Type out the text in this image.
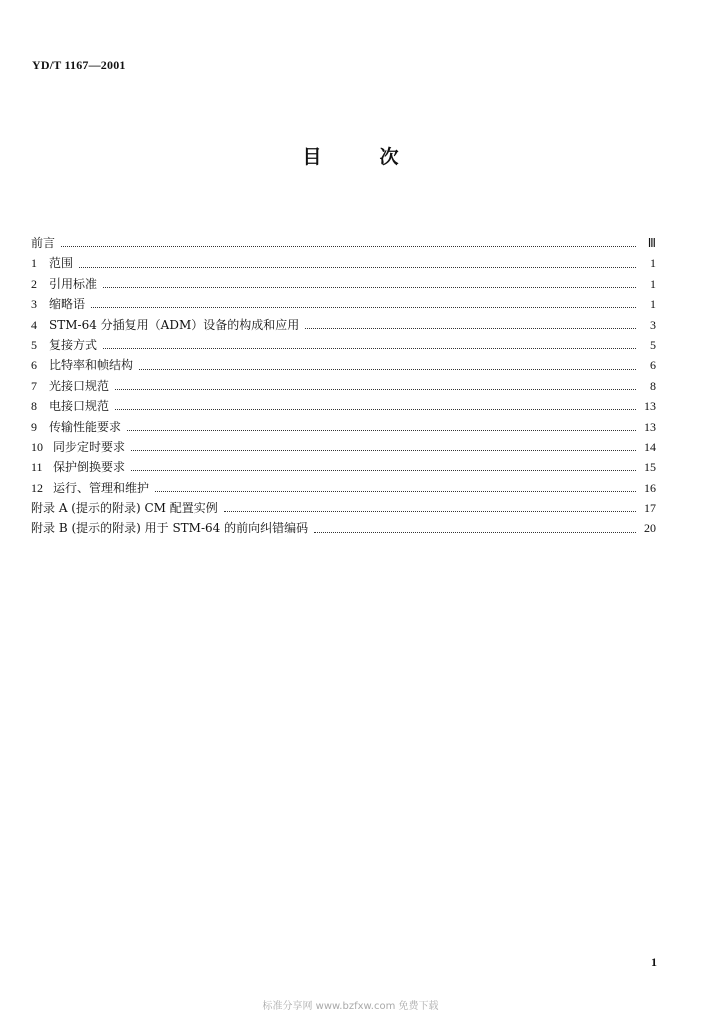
YD/T 1167—2001
目	次
前言	Ⅲ
1	范围	1
2	引用标准	1
3	缩略语	1
4	STM-64 分插复用（ADM）设备的构成和应用	3
5	复接方式	5
6	比特率和帧结构	6
7	光接口规范	8
8	电接口规范	13
9	传输性能要求	13
10 同步定时要求	14
11 保护倒换要求	15
12 运行、管理和维护	16
附录 A (提示的附录) CM 配置实例	17
附录 B (提示的附录) 用于 STM-64 的前向纠错编码	20
1
标准分享网 www.bzfxw.com 免费下载
